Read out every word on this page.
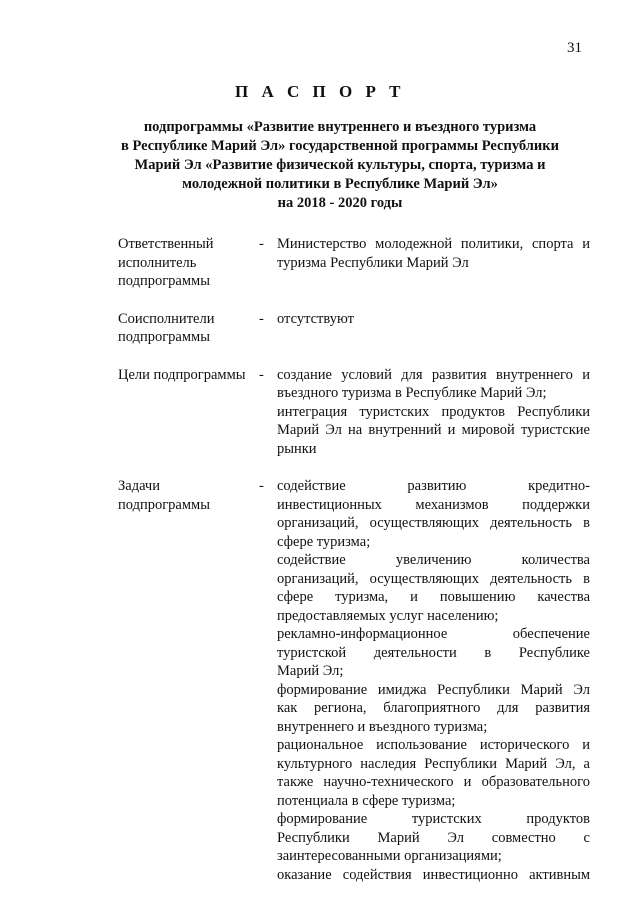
31
П А С П О Р Т
подпрограммы «Развитие внутреннего и въездного туризма
в Республике Марий Эл» государственной программы Республики
Марий Эл «Развитие физической культуры, спорта, туризма и
молодежной политики в Республике Марий Эл»
на 2018 - 2020 годы
Ответственный
исполнитель
подпрограммы
- Министерство молодежной политики, спорта и
туризма Республики Марий Эл
Соисполнители
подпрограммы
- отсутствуют
Цели подпрограммы - создание условий для развития внутреннего и
въездного туризма в Республике Марий Эл;
интеграция туристских продуктов Республики
Марий Эл на внутренний и мировой туристские
рынки
Задачи
подпрограммы
- содействие развитию кредитно-
инвестиционных механизмов поддержки
организаций, осуществляющих деятельность в
сфере туризма;
содействие увеличению количества
организаций, осуществляющих деятельность в
сфере туризма, и повышению качества
предоставляемых услуг населению;
рекламно-информационное обеспечение
туристской деятельности в Республике
Марий Эл;
формирование имиджа Республики Марий Эл
как региона, благоприятного для развития
внутреннего и въездного туризма;
рациональное использование исторического и
культурного наследия Республики Марий Эл, а
также научно-технического и образовательного
потенциала в сфере туризма;
формирование туристских продуктов
Республики Марий Эл совместно с
заинтересованными организациями;
оказание содействия инвестиционно активным
